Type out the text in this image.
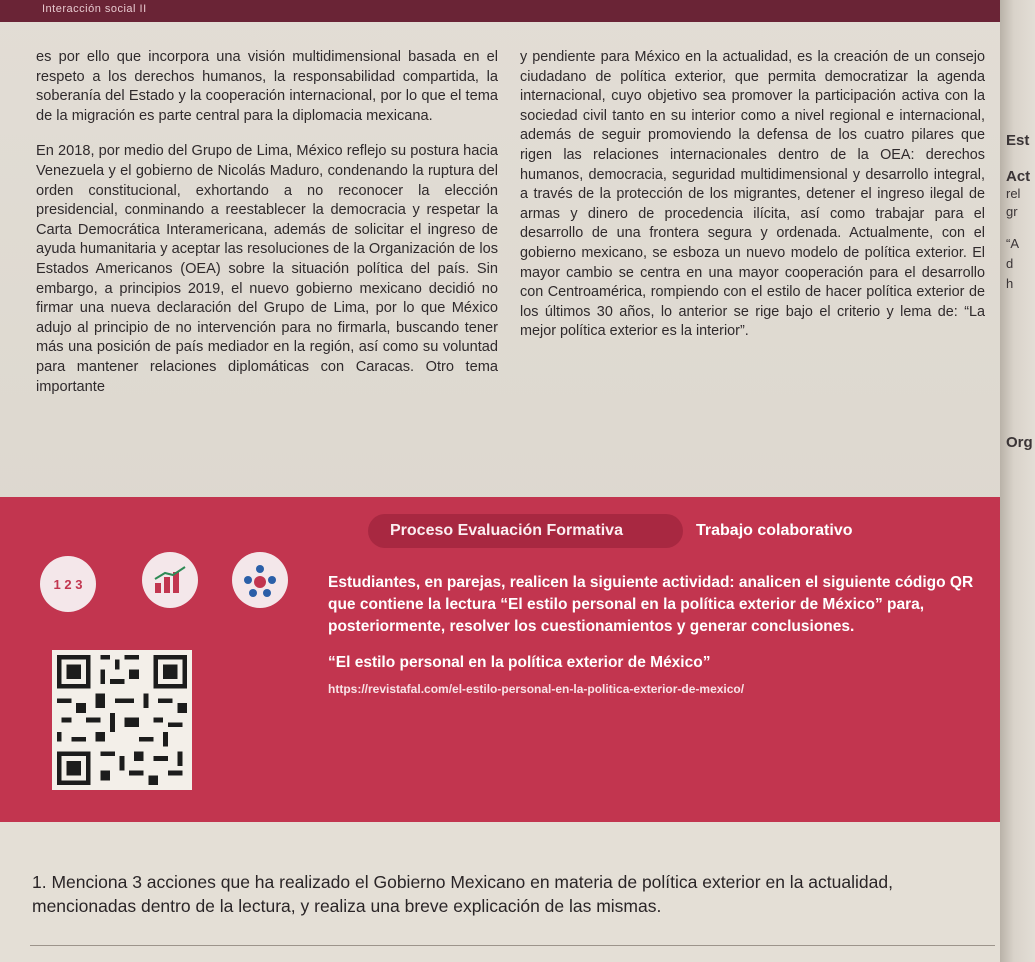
Interacción social II

es por ello que incorpora una visión multidimensional basada en el respeto a los derechos humanos, la responsabilidad compartida, la soberanía del Estado y la cooperación internacional, por lo que el tema de la migración es parte central para la diplomacia mexicana.

En 2018, por medio del Grupo de Lima, México reflejo su postura hacia Venezuela y el gobierno de Nicolás Maduro, condenando la ruptura del orden constitucional, exhortando a no reconocer la elección presidencial, conminando a reestablecer la democracia y respetar la Carta Democrática Interamericana, además de solicitar el ingreso de ayuda humanitaria y aceptar las resoluciones de la Organización de los Estados Americanos (OEA) sobre la situación política del país. Sin embargo, a principios 2019, el nuevo gobierno mexicano decidió no firmar una nueva declaración del Grupo de Lima, por lo que México adujo al principio de no intervención para no firmarla, buscando tener más una posición de país mediador en la región, así como su voluntad para mantener relaciones diplomáticas con Caracas. Otro tema importante

y pendiente para México en la actualidad, es la creación de un consejo ciudadano de política exterior, que permita democratizar la agenda internacional, cuyo objetivo sea promover la participación activa con la sociedad civil tanto en su interior como a nivel regional e internacional, además de seguir promoviendo la defensa de los cuatro pilares que rigen las relaciones internacionales dentro de la OEA: derechos humanos, democracia, seguridad multidimensional y desarrollo integral, a través de la protección de los migrantes, detener el ingreso ilegal de armas y dinero de procedencia ilícita, así como trabajar para el desarrollo de una frontera segura y ordenada. Actualmente, con el gobierno mexicano, se esboza un nuevo modelo de política exterior. El mayor cambio se centra en una mayor cooperación para el desarrollo con Centroamérica, rompiendo con el estilo de hacer política exterior de los últimos 30 años, lo anterior se rige bajo el criterio y lema de: “La mejor política exterior es la interior”.

Proceso Evaluación Formativa	Trabajo colaborativo
1 2 3	Estudiantes, en parejas, realicen la siguiente actividad: analicen el siguiente código QR que contiene la lectura “El estilo personal en la política exterior de México” para, posteriormente, resolver los cuestionamientos y generar conclusiones.

“El estilo personal en la política exterior de México”

https://revistafal.com/el-estilo-personal-en-la-politica-exterior-de-mexico/
1. Menciona 3 acciones que ha realizado el Gobierno Mexicano en materia de política exterior en la actualidad, mencionadas dentro de la lectura, y realiza una breve explicación de las mismas.
Est
Act
rel
gr
“A
d
h
Org
